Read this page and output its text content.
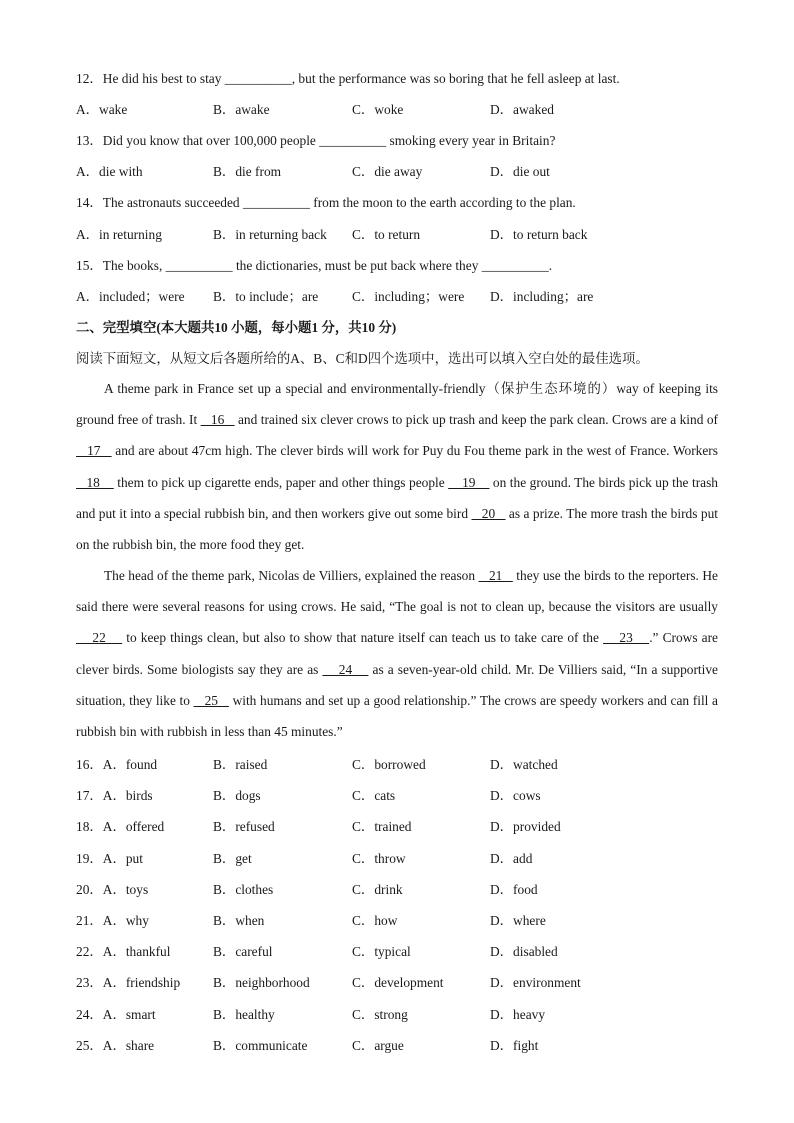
12．He did his best to stay __________, but the performance was so boring that he fell asleep at last.
A．wake	B．awake	C．woke	D．awaked
13．Did you know that over 100,000 people __________ smoking every year in Britain?
A．die with	B．die from	C．die away	D．die out
14．The astronauts succeeded __________ from the moon to the earth according to the plan.
A．in returning	B．in returning back C．to return	D．to return back
15．The books, __________ the dictionaries, must be put back where they __________.
A．included；were B．to include；are	C．including；were D．including；are
二、完型填空(本大题共10 小题，每小题1 分，共10 分)
阅读下面短文，从短文后各题所给的A、B、C和D四个选项中，选出可以填入空白处的最佳选项。
A theme park in France set up a special and environmentally-friendly（保护生态环境的）way of keeping its ground free of trash. It    16    and trained six clever crows to pick up trash and keep the park clean. Crows are a kind of    17    and are about 47cm high. The clever birds will work for Puy du Fou theme park in the west of France. Workers    18     them to pick up cigarette ends, paper and other things people     19     on the ground. The birds pick up the trash and put it into a special rubbish bin, and then workers give out some bird    20    as a prize. The more trash the birds put on the rubbish bin, the more food they get.
The head of the theme park, Nicolas de Villiers, explained the reason    21    they use the birds to the reporters. He said there were several reasons for using crows. He said, “The goal is not to clean up, because the visitors are usually     22     to keep things clean, but also to show that nature itself can teach us to take care of the     23    .” Crows are clever birds. Some biologists say they are as     24     as a seven-year-old child. Mr. De Villiers said, “In a supportive situation, they like to    25    with humans and set up a good relationship.” The crows are speedy workers and can fill a rubbish bin with rubbish in less than 45 minutes.”
16．A．found	B．raised	C．borrowed	D．watched
17．A．birds	B．dogs	C．cats	D．cows
18．A．offered	B．refused	C．trained	D．provided
19．A．put	B．get	C．throw	D．add
20．A．toys	B．clothes	C．drink	D．food
21．A．why	B．when	C．how	D．where
22．A．thankful	B．careful	C．typical	D．disabled
23．A．friendship B．neighborhood	C．development	D．environment
24．A．smart	B．healthy	C．strong	D．heavy
25．A．share	B．communicate	C．argue	D．fight
